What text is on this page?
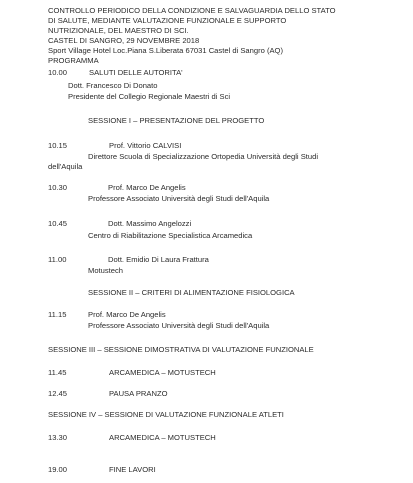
CONTROLLO PERIODICO DELLA CONDIZIONE E SALVAGUARDIA DELLO STATO
DI SALUTE, MEDIANTE VALUTAZIONE FUNZIONALE E SUPPORTO
NUTRIZIONALE, DEL MAESTRO DI SCI.
CASTEL DI SANGRO, 29 NOVEMBRE 2018
Sport Village Hotel Loc.Piana S.Liberata 67031 Castel di Sangro (AQ)
PROGRAMMA
10.00	SALUTI DELLE AUTORITA'
Dott. Francesco Di Donato
Presidente del Collegio Regionale Maestri di Sci
SESSIONE I – PRESENTAZIONE DEL PROGETTO
10.15	Prof. Vittorio CALVISI
Direttore Scuola di Specializzazione Ortopedia Università degli Studi
dell'Aquila
10.30	Prof. Marco De Angelis
Professore Associato Università degli Studi dell'Aquila
10.45	Dott. Massimo Angelozzi
Centro di Riabilitazione Specialistica Arcamedica
11.00	Dott. Emidio Di Laura Frattura
Motustech
SESSIONE II – CRITERI DI ALIMENTAZIONE FISIOLOGICA
11.15	Prof. Marco De Angelis
Professore Associato Università degli Studi dell'Aquila
SESSIONE III – SESSIONE DIMOSTRATIVA DI VALUTAZIONE FUNZIONALE
11.45	ARCAMEDICA – MOTUSTECH
12.45	PAUSA PRANZO
SESSIONE IV – SESSIONE DI VALUTAZIONE FUNZIONALE ATLETI
13.30	ARCAMEDICA – MOTUSTECH
19.00	FINE LAVORI
